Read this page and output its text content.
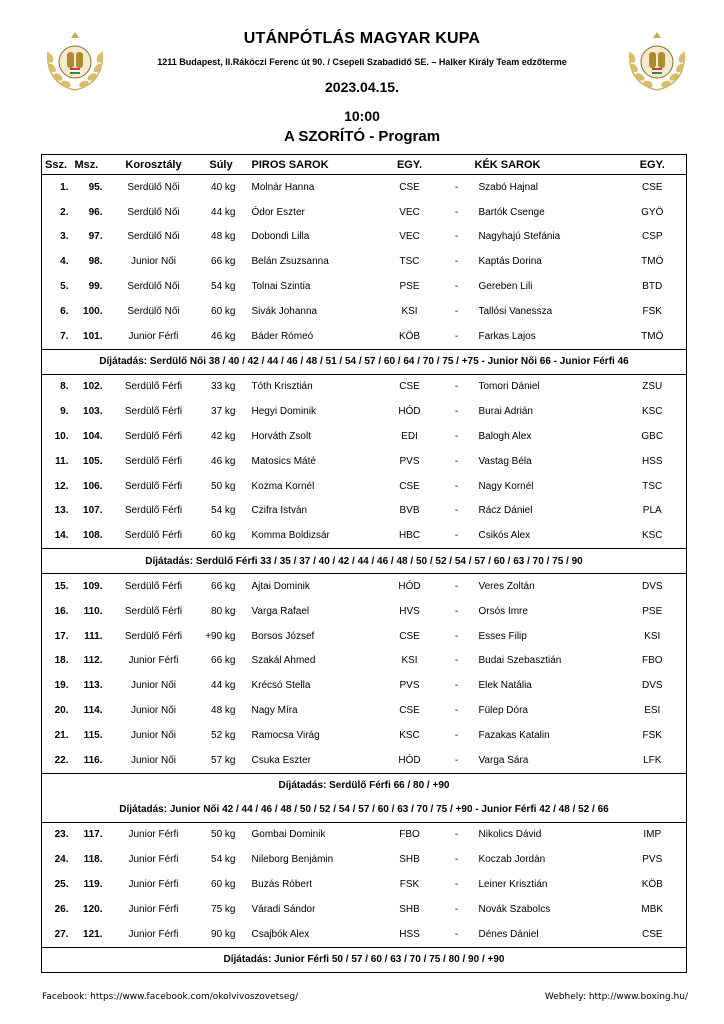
UTÁNPÓTLÁS MAGYAR KUPA
1211 Budapest, II.Rákóczi Ferenc út 90. / Csepeli Szabadidő SE. – Halker Király Team edzőterme
2023.04.15.
10:00
A SZORÍTÓ - Program
Ssz.	Msz.	Korosztály	Súly	PIROS SAROK	EGY.		KÉK SAROK	EGY.
1.	95.	Serdülő Női	40 kg	Molnár Hanna	CSE	-	Szabó Hajnal	CSE
2.	96.	Serdülő Női	44 kg	Ódor Eszter	VEC	-	Bartók Csenge	GYÖ
3.	97.	Serdülő Női	48 kg	Dobondi Lilla	VEC	-	Nagyhajú Stefánia	CSP
4.	98.	Junior Női	66 kg	Belán Zsuzsanna	TSC	-	Kaptás Dorina	TMÖ
5.	99.	Serdülő Női	54 kg	Tolnai Szintia	PSE	-	Gereben Lili	BTD
6.	100.	Serdülő Női	60 kg	Sivák Johanna	KSI	-	Tallósi Vanessza	FSK
7.	101.	Junior Férfi	46 kg	Báder Rómeó	KÖB	-	Farkas Lajos	TMÖ
Díjátadás: Serdülő Női 38 / 40 / 42 / 44 / 46 / 48 / 51 / 54 / 57 / 60 / 64 / 70 / 75 / +75 - Junior Női 66 - Junior Férfi 46								
8.	102.	Serdülő Férfi	33 kg	Tóth Krisztián	CSE	-	Tomori Dániel	ZSU
9.	103.	Serdülő Férfi	37 kg	Hegyi Dominik	HÓD	-	Burai Adrián	KSC
10.	104.	Serdülő Férfi	42 kg	Horváth Zsolt	EDI	-	Balogh Alex	GBC
11.	105.	Serdülő Férfi	46 kg	Matosics Máté	PVS	-	Vastag Béla	HSS
12.	106.	Serdülő Férfi	50 kg	Kozma Kornél	CSE	-	Nagy Kornél	TSC
13.	107.	Serdülő Férfi	54 kg	Czifra István	BVB	-	Rácz Dániel	PLA
14.	108.	Serdülő Férfi	60 kg	Komma Boldizsár	HBC	-	Csikós Alex	KSC
Díjátadás: Serdülő Férfi 33 / 35 / 37 / 40 / 42 / 44 / 46 / 48 / 50 / 52 / 54 / 57 / 60 / 63 / 70 / 75 / 90								
15.	109.	Serdülő Férfi	66 kg	Ajtai Dominik	HÓD	-	Veres Zoltán	DVS
16.	110.	Serdülő Férfi	80 kg	Varga Rafael	HVS	-	Orsós Imre	PSE
17.	111.	Serdülő Férfi	+90 kg	Borsos József	CSE	-	Esses Filip	KSI
18.	112.	Junior Férfi	66 kg	Szakál Ahmed	KSI	-	Budai Szebasztián	FBO
19.	113.	Junior Női	44 kg	Krécsó Stella	PVS	-	Elek Natália	DVS
20.	114.	Junior Női	48 kg	Nagy Míra	CSE	-	Fülep Dóra	ESI
21.	115.	Junior Női	52 kg	Ramocsa Virág	KSC	-	Fazakas Katalin	FSK
22.	116.	Junior Női	57 kg	Csuka Eszter	HÓD	-	Varga Sára	LFK
Díjátadás: Serdülő Férfi 66 / 80 / +90								
Díjátadás: Junior Női 42 / 44 / 46 / 48 / 50 / 52 / 54 / 57 / 60 / 63 / 70 / 75 / +90 - Junior Férfi 42 / 48 / 52 / 66								
23.	117.	Junior Férfi	50 kg	Gombai Dominik	FBO	-	Nikolics Dávid	IMP
24.	118.	Junior Férfi	54 kg	Nileborg Benjámin	SHB	-	Koczab Jordán	PVS
25.	119.	Junior Férfi	60 kg	Buzás Róbert	FSK	-	Leiner Krisztián	KÖB
26.	120.	Junior Férfi	75 kg	Váradi Sándor	SHB	-	Novák Szabolcs	MBK
27.	121.	Junior Férfi	90 kg	Csajbók Alex	HSS	-	Dénes Dániel	CSE
Díjátadás: Junior Férfi 50 / 57 / 60 / 63 / 70 / 75 / 80 / 90 / +90								
Facebook: https://www.facebook.com/okolvivoszovetseg/	Webhely: http://www.boxing.hu/
